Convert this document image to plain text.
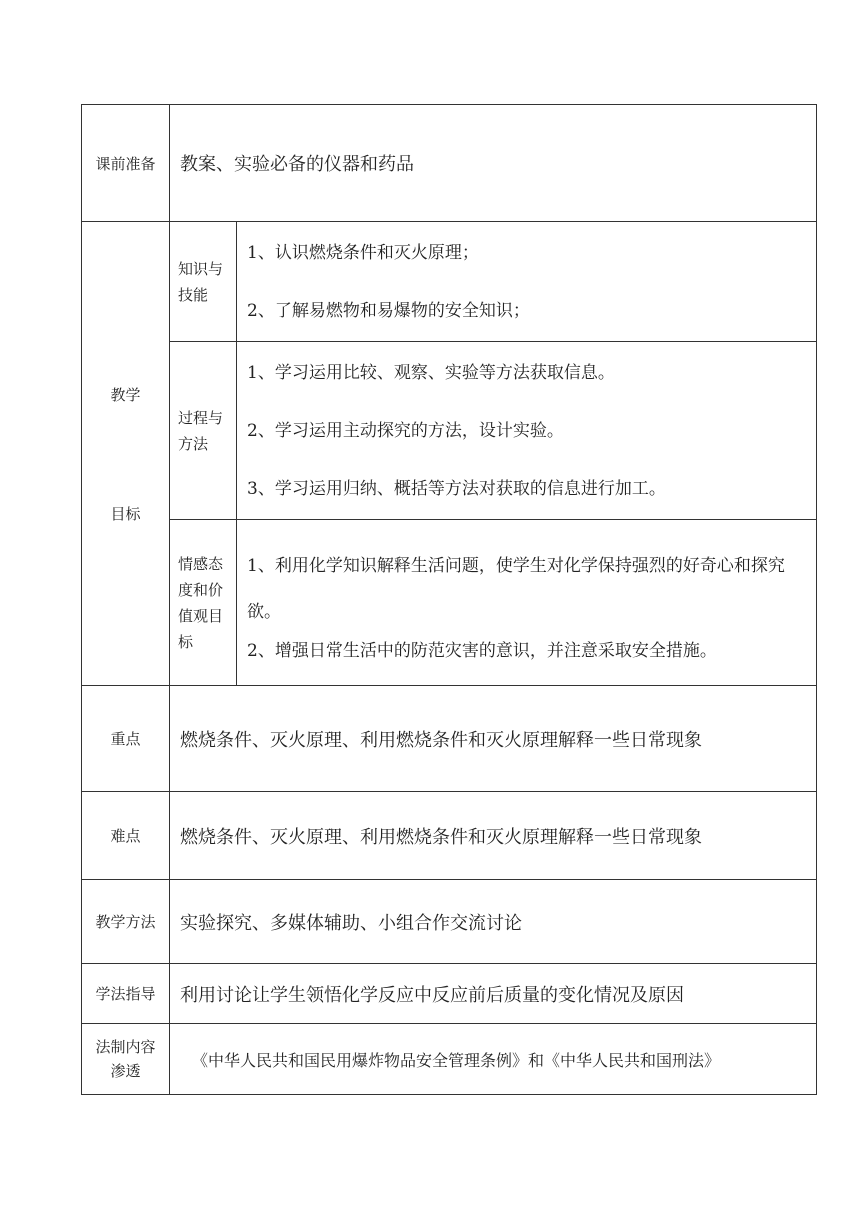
课前准备	教案、实验必备的仪器和药品	

教学
目标	知识与技能	1、认识燃烧条件和灭火原理；
2、了解易燃物和易爆物的安全知识；

	过程与方法	1、学习运用比较、观察、实验等方法获取信息。
2、学习运用主动探究的方法，设计实验。
3、学习运用归纳、概括等方法对获取的信息进行加工。

	情感态度和价值观目标	1、利用化学知识解释生活问题，使学生对化学保持强烈的好奇心和探究欲。
2、增强日常生活中的防范灾害的意识，并注意采取安全措施。

重点	燃烧条件、灭火原理、利用燃烧条件和灭火原理解释一些日常现象	
难点	燃烧条件、灭火原理、利用燃烧条件和灭火原理解释一些日常现象	
教学方法	实验探究、多媒体辅助、小组合作交流讨论	
学法指导	利用讨论让学生领悟化学反应中反应前后质量的变化情况及原因	
法制内容渗透	《中华人民共和国民用爆炸物品安全管理条例》和《中华人民共和国刑法》	
